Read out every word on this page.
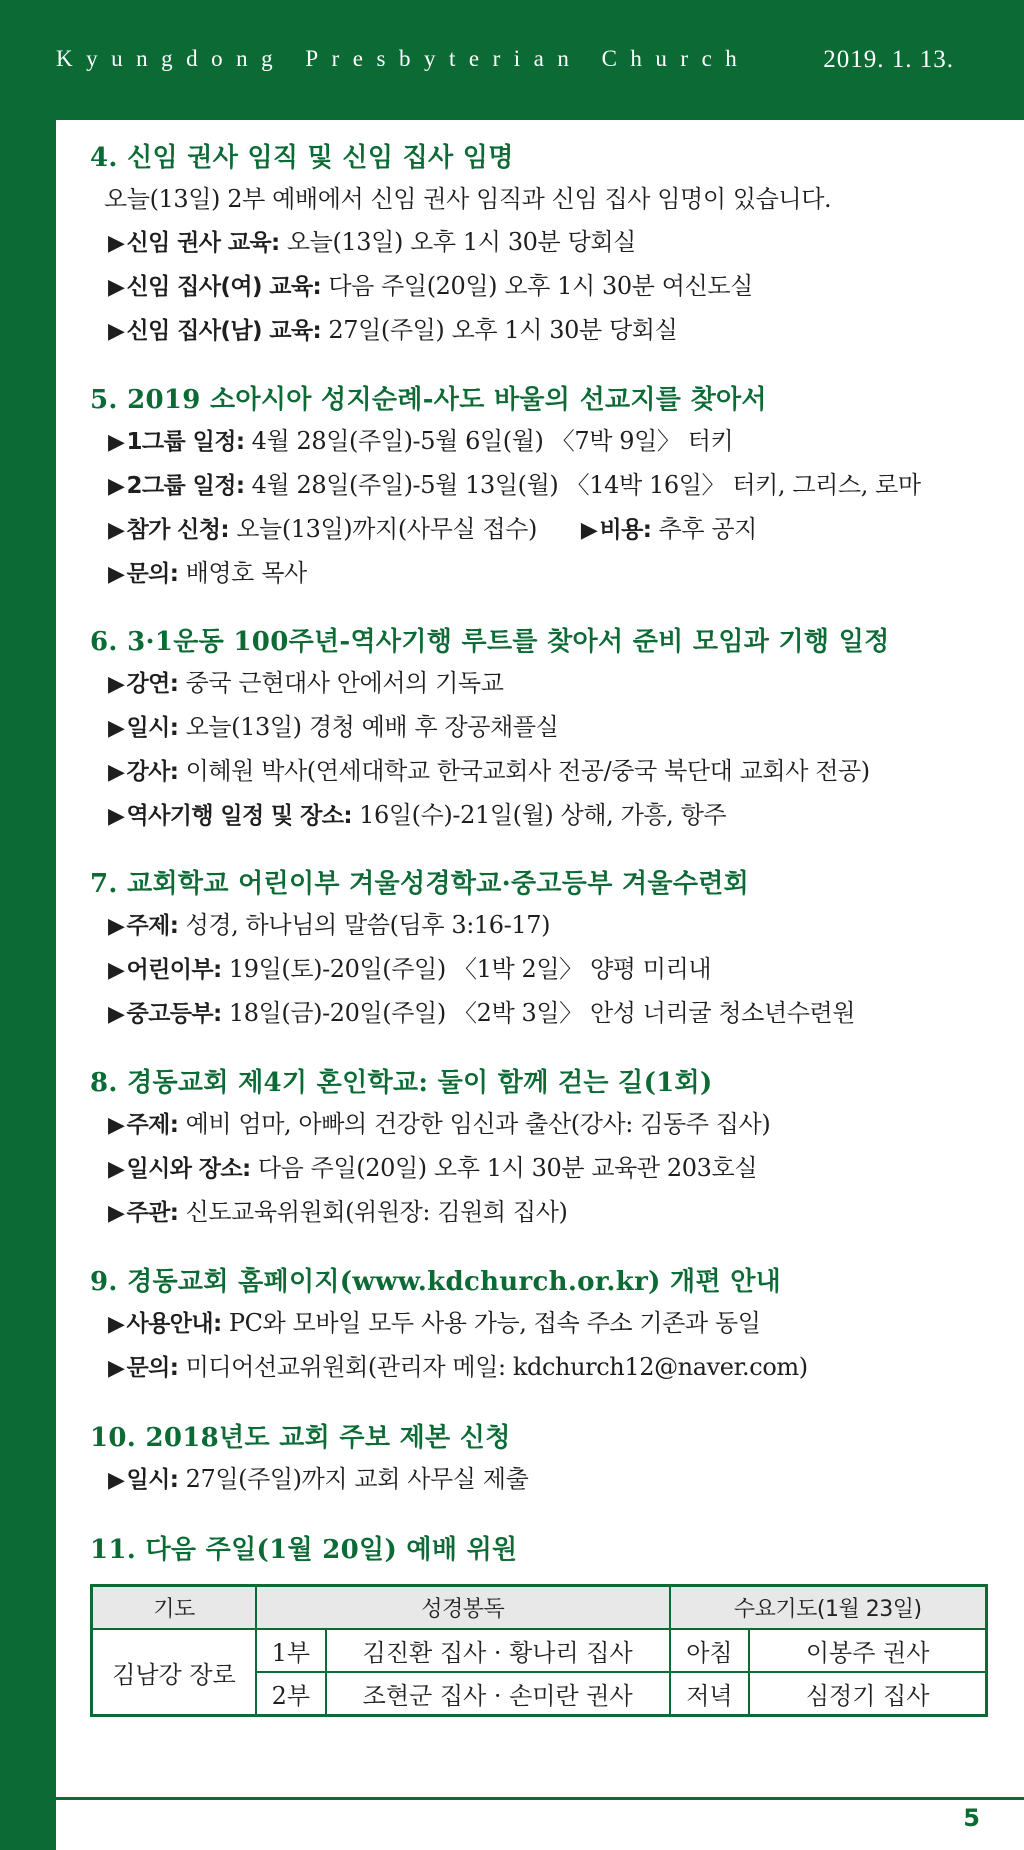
Kyungdong Presbyterian Church	2019. 1. 13.
4. 신임 권사 임직 및 신임 집사 임명
오늘(13일) 2부 예배에서 신임 권사 임직과 신임 집사 임명이 있습니다.
▶신임 권사 교육: 오늘(13일) 오후 1시 30분 당회실
▶신임 집사(여) 교육: 다음 주일(20일) 오후 1시 30분 여신도실
▶신임 집사(남) 교육: 27일(주일) 오후 1시 30분 당회실
5. 2019 소아시아 성지순례-사도 바울의 선교지를 찾아서
▶1그룹 일정: 4월 28일(주일)-5월 6일(월) 〈7박 9일〉 터키
▶2그룹 일정: 4월 28일(주일)-5월 13일(월) 〈14박 16일〉 터키, 그리스, 로마
▶참가 신청: 오늘(13일)까지(사무실 접수) ▶비용: 추후 공지
▶문의: 배영호 목사
6. 3·1운동 100주년-역사기행 루트를 찾아서 준비 모임과 기행 일정
▶강연: 중국 근현대사 안에서의 기독교
▶일시: 오늘(13일) 경청 예배 후 장공채플실
▶강사: 이혜원 박사(연세대학교 한국교회사 전공/중국 북단대 교회사 전공)
▶역사기행 일정 및 장소: 16일(수)-21일(월) 상해, 가흥, 항주
7. 교회학교 어린이부 겨울성경학교·중고등부 겨울수련회
▶주제: 성경, 하나님의 말씀(딤후 3:16-17)
▶어린이부: 19일(토)-20일(주일) 〈1박 2일〉 양평 미리내
▶중고등부: 18일(금)-20일(주일) 〈2박 3일〉 안성 너리굴 청소년수련원
8. 경동교회 제4기 혼인학교: 둘이 함께 걷는 길(1회)
▶주제: 예비 엄마, 아빠의 건강한 임신과 출산(강사: 김동주 집사)
▶일시와 장소: 다음 주일(20일) 오후 1시 30분 교육관 203호실
▶주관: 신도교육위원회(위원장: 김원희 집사)
9. 경동교회 홈페이지(www.kdchurch.or.kr) 개편 안내
▶사용안내: PC와 모바일 모두 사용 가능, 접속 주소 기존과 동일
▶문의: 미디어선교위원회(관리자 메일: kdchurch12@naver.com)
10. 2018년도 교회 주보 제본 신청
▶일시: 27일(주일)까지 교회 사무실 제출
11. 다음 주일(1월 20일) 예배 위원
기도	성경봉독		수요기도(1월 23일)	
김남강 장로	1부	김진환 집사 · 황나리 집사	아침	이봉주 권사
	2부	조현군 집사 · 손미란 권사	저녁	심정기 집사
5
